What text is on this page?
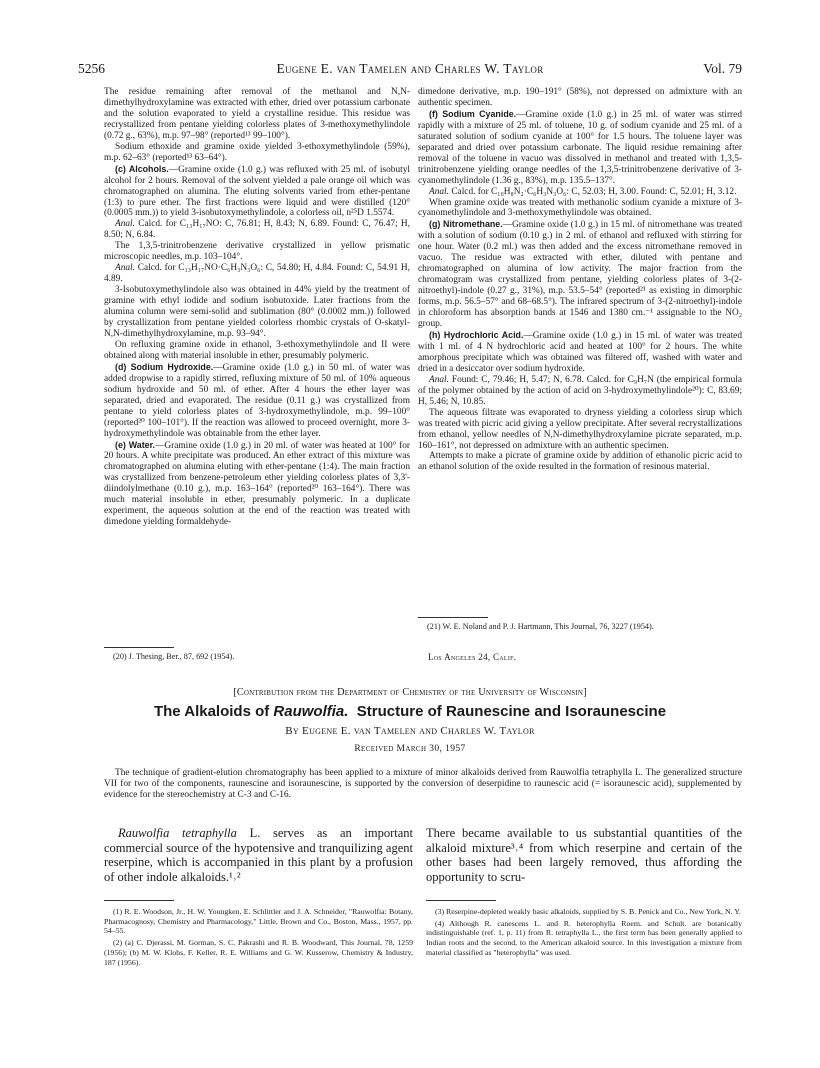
5256	Eugene E. van Tamelen and Charles W. Taylor	Vol. 79

The residue remaining after removal of the methanol and N,N-dimethylhydroxylamine was extracted with ether, dried over potassium carbonate and the solution evaporated to yield a crystalline residue. This residue was recrystallized from pentane yielding colorless plates of 3-methoxymethylindole (0.72 g., 63%), m.p. 97–98° (reported¹³ 99–100°).

Sodium ethoxide and gramine oxide yielded 3-ethoxymethylindole (59%), m.p. 62–63° (reported¹³ 63–64°).

(c) Alcohols.—Gramine oxide (1.0 g.) was refluxed with 25 ml. of isobutyl alcohol for 2 hours. Removal of the solvent yielded a pale orange oil which was chromatographed on alumina. The eluting solvents varied from ether-pentane (1:3) to pure ether. The first fractions were liquid and were distilled (120° (0.0005 mm.)) to yield 3-isobutoxymethylindole, a colorless oil, n²⁵D 1.5574.

Anal. Calcd. for C₁₃H₁₇NO: C, 76.81; H, 8.43; N, 6.89. Found: C, 76.47; H, 8.50; N, 6.84.

The 1,3,5-trinitrobenzene derivative crystallized in yellow prismatic microscopic needles, m.p. 103–104°.

Anal. Calcd. for C₁₃H₁₇NO·C₆H₃N₃O₆: C, 54.80; H, 4.84. Found: C, 54.91 H, 4.89.

3-Isobutoxymethylindole also was obtained in 44% yield by the treatment of gramine with ethyl iodide and sodium isobutoxide. Later fractions from the alumina column were semi-solid and sublimation (80° (0.0002 mm.)) followed by crystallization from pentane yielded colorless rhombic crystals of O-skatyl-N,N-dimethylhydroxylamine, m.p. 93–94°.

On refluxing gramine oxide in ethanol, 3-ethoxymethylindole and II were obtained along with material insoluble in ether, presumably polymeric.

(d) Sodium Hydroxide.—Gramine oxide (1.0 g.) in 50 ml. of water was added dropwise to a rapidly stirred, refluxing mixture of 50 ml. of 10% aqueous sodium hydroxide and 50 ml. of ether. After 4 hours the ether layer was separated, dried and evaporated. The residue (0.11 g.) was crystallized from pentane to yield colorless plates of 3-hydroxymethylindole, m.p. 99–100° (reported²⁰ 100–101°). If the reaction was allowed to proceed overnight, more 3-hydroxymethylindole was obtainable from the ether layer.

(e) Water.—Gramine oxide (1.0 g.) in 20 ml. of water was heated at 100° for 20 hours. A white precipitate was produced. An ether extract of this mixture was chromatographed on alumina eluting with ether-pentane (1:4). The main fraction was crystallized from benzene-petroleum ether yielding colorless plates of 3,3'-diindolylmethane (0.10 g.), m.p. 163–164° (reported²⁰ 163–164°). There was much material insoluble in ether, presumably polymeric. In a duplicate experiment, the aqueous solution at the end of the reaction was treated with dimedone yielding formaldehyde-

(20) J. Thesing, Ber., 87, 692 (1954).

dimedone derivative, m.p. 190–191° (58%), not depressed on admixture with an authentic specimen.

(f) Sodium Cyanide.—Gramine oxide (1.0 g.) in 25 ml. of water was stirred rapidly with a mixture of 25 ml. of toluene, 10 g. of sodium cyanide and 25 ml. of a saturated solution of sodium cyanide at 100° for 1.5 hours. The toluene layer was separated and dried over potassium carbonate. The liquid residue remaining after removal of the toluene in vacuo was dissolved in methanol and treated with 1,3,5-trinitrobenzene yielding orange needles of the 1,3,5-trinitrobenzene derivative of 3-cyanomethylindole (1.36 g., 83%), m.p. 135.5–137°.

Anal. Calcd. for C₁₀H₈N₂·C₆H₃N₃O₆: C, 52.03; H, 3.00. Found: C, 52.01; H, 3.12.

When gramine oxide was treated with methanolic sodium cyanide a mixture of 3-cyanomethylindole and 3-methoxymethylindole was obtained.

(g) Nitromethane.—Gramine oxide (1.0 g.) in 15 ml. of nitromethane was treated with a solution of sodium (0.10 g.) in 2 ml. of ethanol and refluxed with stirring for one hour. Water (0.2 ml.) was then added and the excess nitromethane removed in vacuo. The residue was extracted with ether, diluted with pentane and chromatographed on alumina of low activity. The major fraction from the chromatogram was crystallized from pentane, yielding colorless plates of 3-(2-nitroethyl)-indole (0.27 g., 31%), m.p. 53.5–54° (reported²¹ as existing in dimorphic forms, m.p. 56.5–57° and 68–68.5°). The infrared spectrum of 3-(2-nitroethyl)-indole in chloroform has absorption bands at 1546 and 1380 cm.⁻¹ assignable to the NO₂ group.

(h) Hydrochloric Acid.—Gramine oxide (1.0 g.) in 15 ml. of water was treated with 1 ml. of 4 N hydrochloric acid and heated at 100° for 2 hours. The white amorphous precipitate which was obtained was filtered off, washed with water and dried in a desiccator over sodium hydroxide.

Anal. Found: C, 79.46; H, 5.47; N, 6.78. Calcd. for C₉H₇N (the empirical formula of the polymer obtained by the action of acid on 3-hydroxymethylindole²⁰): C, 83.69; H, 5.46; N, 10.85.

The aqueous filtrate was evaporated to dryness yielding a colorless sirup which was treated with picric acid giving a yellow precipitate. After several recrystallizations from ethanol, yellow needles of N,N-dimethylhydroxylamine picrate separated, m.p. 160–161°, not depressed on admixture with an authentic specimen.

Attempts to make a picrate of gramine oxide by addition of ethanolic picric acid to an ethanol solution of the oxide resulted in the formation of resinous material.

(21) W. E. Noland and P. J. Hartmann, This Journal, 76, 3227 (1954).
Los Angeles 24, Calif.
[Contribution from the Department of Chemistry of the University of Wisconsin]
The Alkaloids of Rauwolfia. Structure of Raunescine and Isoraunescine
By Eugene E. van Tamelen and Charles W. Taylor
Received March 30, 1957
The technique of gradient-elution chromatography has been applied to a mixture of minor alkaloids derived from Rauwolfia tetraphylla L. The generalized structure VII for two of the components, raunescine and isoraunescine, is supported by the conversion of deserpidine to raunescic acid (= isoraunescic acid), supplemented by evidence for the stereochemistry at C-3 and C-16.
Rauwolfia tetraphylla L. serves as an important commercial source of the hypotensive and tranquilizing agent reserpine, which is accompanied in this plant by a profusion of other indole alkaloids.¹˒²
There became available to us substantial quantities of the alkaloid mixture³˒⁴ from which reserpine and certain of the other bases had been largely removed, thus affording the opportunity to scru-

(1) R. E. Woodson, Jr., H. W. Youngken, E. Schlittler and J. A. Schneider, "Rauwolfia: Botany, Pharmacognosy, Chemistry and Pharmacology," Little, Brown and Co., Boston, Mass., 1957, pp. 54–55.

(2) (a) C. Djerassi, M. Gorman, S. C. Pakrashi and R. B. Woodward, This Journal, 78, 1259 (1956); (b) M. W. Klohs, F. Keller, R. E. Williams and G. W. Kusserow, Chemistry & Industry, 187 (1956).

(3) Reserpine-depleted weakly basic alkaloids, supplied by S. B. Penick and Co., New York, N. Y.

(4) Although R. canescens L. and R. heterophylla Roem. and Schult. are botanically indistinguishable (ref. 1, p. 11) from R. tetraphylla L., the first term has been generally applied to Indian roots and the second, to the American alkaloid source. In this investigation a mixture from material classified as "heterophylla" was used.
